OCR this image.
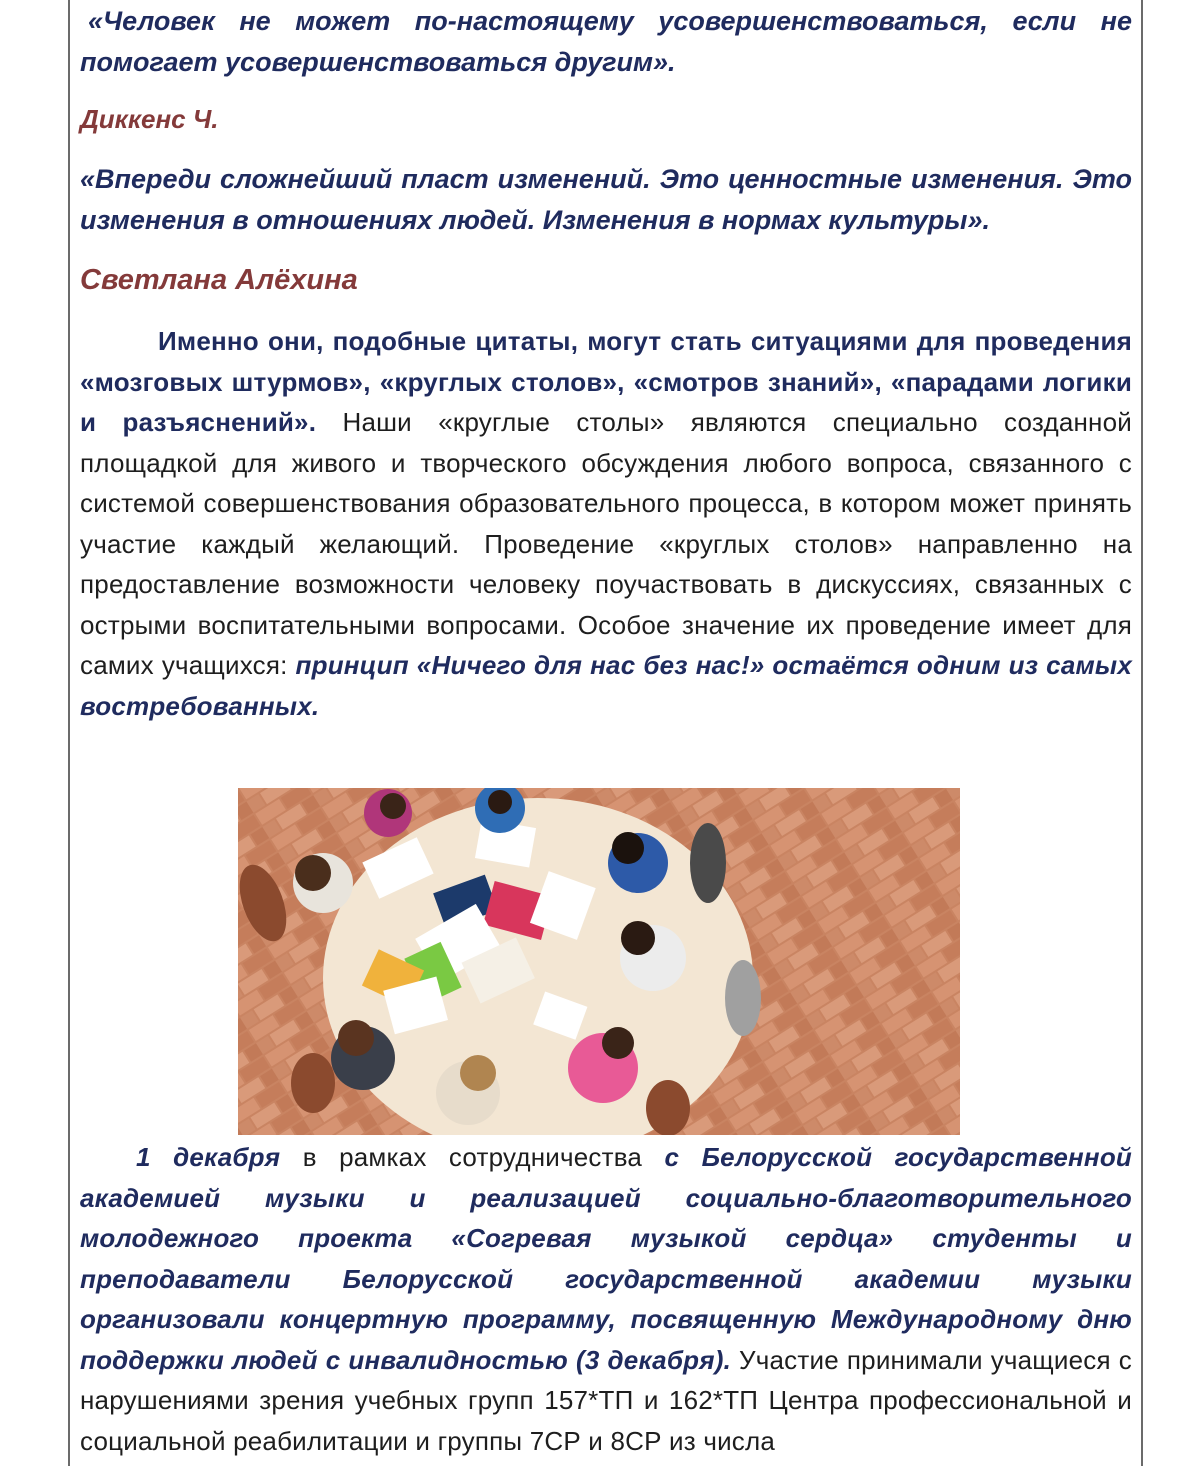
«Человек не может по-настоящему усовершенствоваться, если не помогает усовершенствоваться другим».

Диккенс Ч.

«Впереди сложнейший пласт изменений. Это ценностные изменения. Это изменения в отношениях людей. Изменения в нормах культуры».

Светлана Алёхина

Именно они, подобные цитаты, могут стать ситуациями для проведения «мозговых штурмов», «круглых столов», «смотров знаний», «парадами логики и разъяснений». Наши «круглые столы» являются специально созданной площадкой для живого и творческого обсуждения любого вопроса, связанного с системой совершенствования образовательного процесса, в котором может принять участие каждый желающий. Проведение «круглых столов» направленно на предоставление возможности человеку поучаствовать в дискуссиях, связанных с острыми воспитательными вопросами. Особое значение их проведение имеет для самих учащихся: принцип «Ничего для нас без нас!» остаётся одним из самых востребованных.

1 декабря в рамках сотрудничества с Белорусской государственной академией музыки и реализацией социально-благотворительного молодежного проекта «Согревая музыкой сердца» студенты и преподаватели Белорусской государственной академии музыки организовали концертную программу, посвященную Международному дню поддержки людей с инвалидностью (3 декабря). Участие принимали учащиеся с нарушениями зрения учебных групп 157*ТП и 162*ТП Центра профессиональной и социальной реабилитации и группы 7СР и 8СР из числа
